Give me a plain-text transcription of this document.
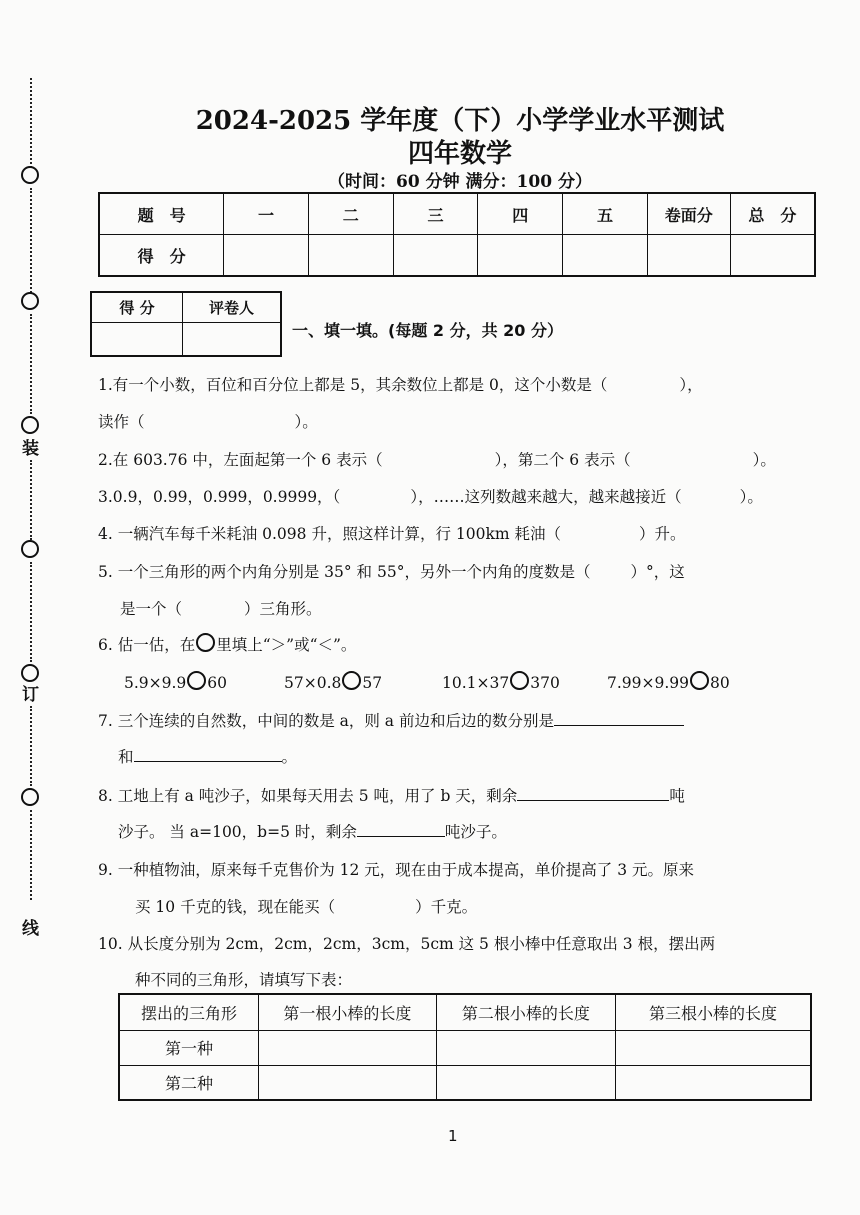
装
订
线
2024-2025 学年度（下）小学学业水平测试
四年数学
（时间：60 分钟 满分：100 分）
题　号	一	二	三	四	五	卷面分	总　分
得　分							
得 分	评卷人

一、填一填。(每题 2 分，共 20 分）
1.有一个小数，百位和百分位上都是 5，其余数位上都是 0，这个小数是（	），
读作（	）。
2.在 603.76 中，左面起第一个 6 表示（	），第二个 6 表示（	）。
3.0.9，0.99，0.999，0.9999，（	），……这列数越来越大，越来越接近（	）。
4. 一辆汽车每千米耗油 0.098 升，照这样计算，行 100km 耗油（	）升。
5. 一个三角形的两个内角分别是 35° 和 55°，另外一个内角的度数是（	）°，这
是一个（	）三角形。
6. 估一估，在 里填上“＞”或“＜”。
5.9×9.9 60	57×0.8 57	10.1×37 370	7.99×9.99 80
7. 三个连续的自然数，中间的数是 a，则 a 前边和后边的数分别是
和	。
8. 工地上有 a 吨沙子，如果每天用去 5 吨，用了 b 天，剩余	吨
沙子。 当 a=100，b=5 时，剩余	吨沙子。
9. 一种植物油，原来每千克售价为 12 元，现在由于成本提高，单价提高了 3 元。原来
买 10 千克的钱，现在能买（	）千克。
10. 从长度分别为 2cm，2cm，2cm，3cm，5cm 这 5 根小棒中任意取出 3 根，摆出两
种不同的三角形，请填写下表：
摆出的三角形	第一根小棒的长度	第二根小棒的长度	第三根小棒的长度
第一种			
第二种			
1
